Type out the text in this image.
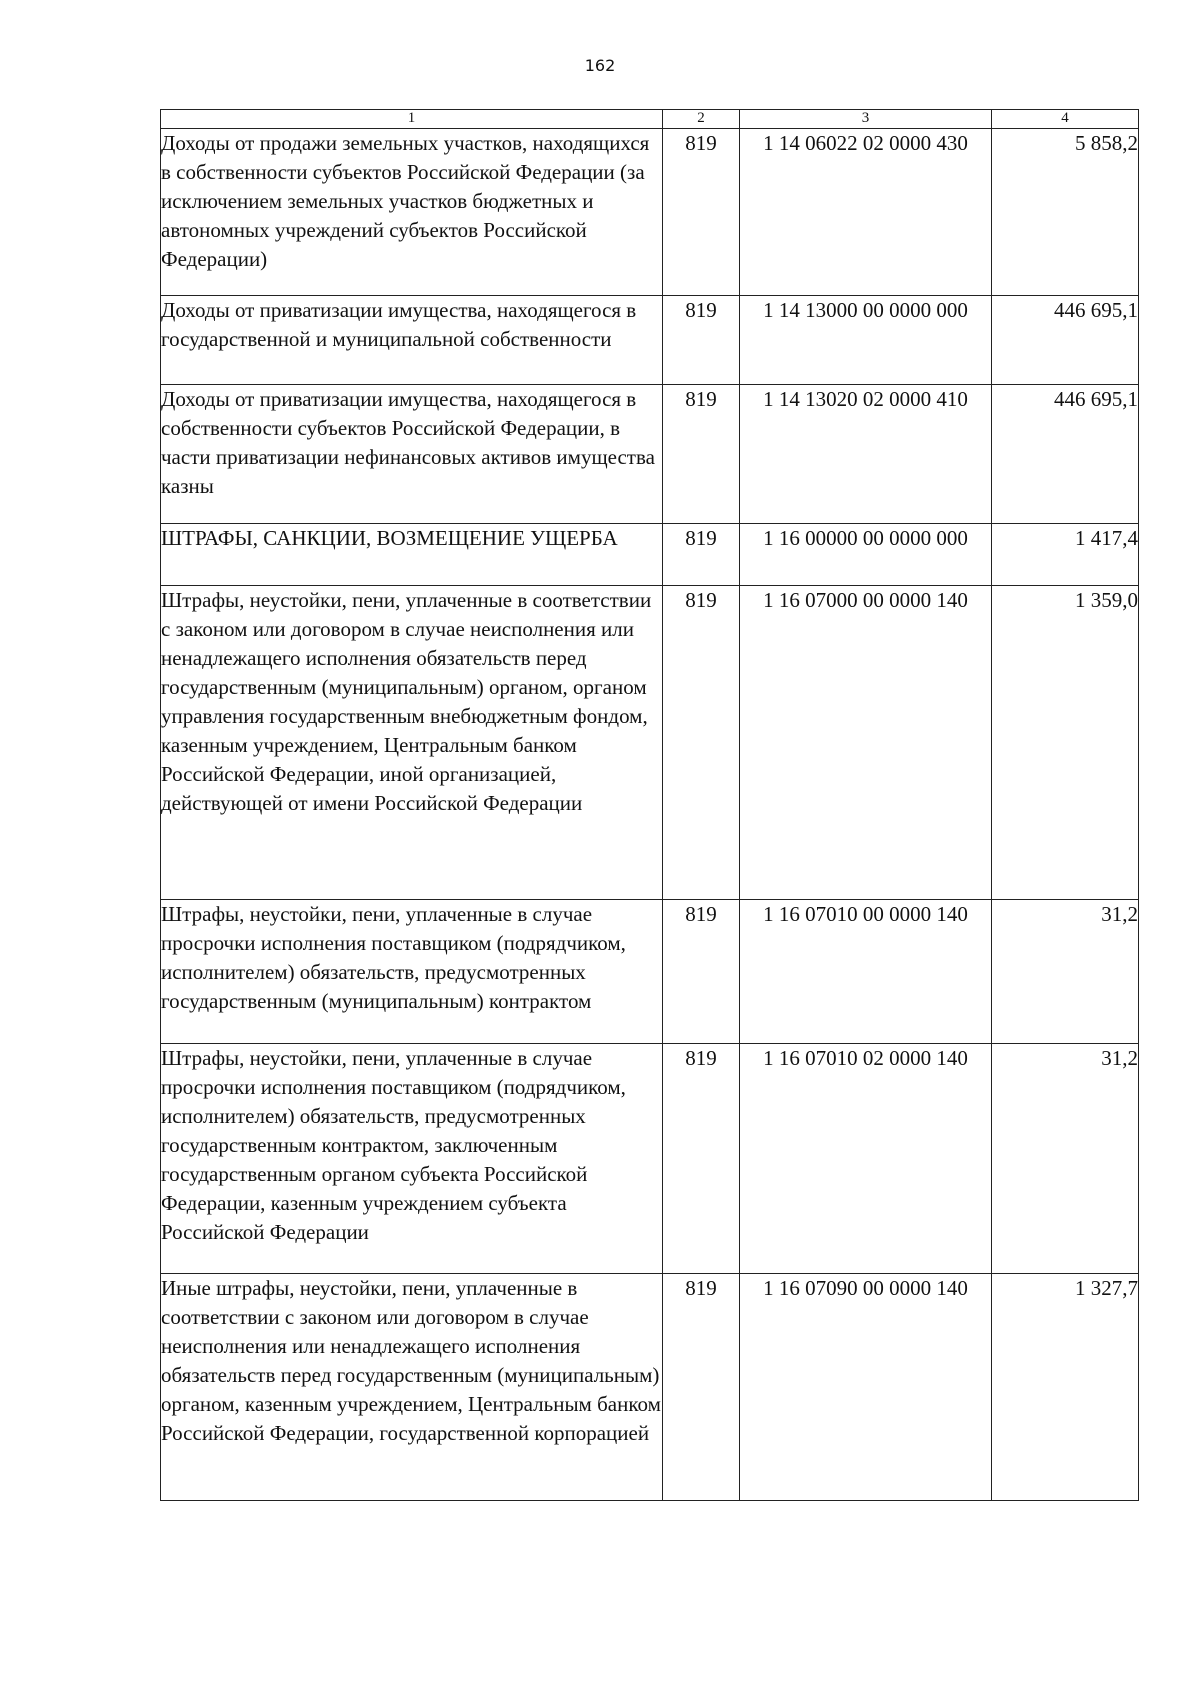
162
1	2	3	4
Доходы от продажи земельных участков, находящихся в собственности субъектов Российской Федерации (за исключением земельных участков бюджетных и автономных учреждений субъектов Российской Федерации)	819	1 14 06022 02 0000 430	5 858,2
Доходы от приватизации имущества, находящегося в государственной и муниципальной собственности	819	1 14 13000 00 0000 000	446 695,1
Доходы от приватизации имущества, находящегося в собственности субъектов Российской Федерации, в части приватизации нефинансовых активов имущества казны	819	1 14 13020 02 0000 410	446 695,1
ШТРАФЫ, САНКЦИИ, ВОЗМЕЩЕНИЕ УЩЕРБА	819	1 16 00000 00 0000 000	1 417,4
Штрафы, неустойки, пени, уплаченные в соответствии с законом или договором в случае неисполнения или ненадлежащего исполнения обязательств перед государственным (муниципальным) органом, органом управления государственным внебюджетным фондом, казенным учреждением, Центральным банком Российской Федерации, иной организацией, действующей от имени Российской Федерации	819	1 16 07000 00 0000 140	1 359,0
Штрафы, неустойки, пени, уплаченные в случае просрочки исполнения поставщиком (подрядчиком, исполнителем) обязательств, предусмотренных государственным (муниципальным) контрактом	819	1 16 07010 00 0000 140	31,2
Штрафы, неустойки, пени, уплаченные в случае просрочки исполнения поставщиком (подрядчиком, исполнителем) обязательств, предусмотренных государственным контрактом, заключенным государственным органом субъекта Российской Федерации, казенным учреждением субъекта Российской Федерации	819	1 16 07010 02 0000 140	31,2
Иные штрафы, неустойки, пени, уплаченные в соответствии с законом или договором в случае неисполнения или ненадлежащего исполнения обязательств перед государственным (муниципальным) органом, казенным учреждением, Центральным банком Российской Федерации, государственной корпорацией	819	1 16 07090 00 0000 140	1 327,7
